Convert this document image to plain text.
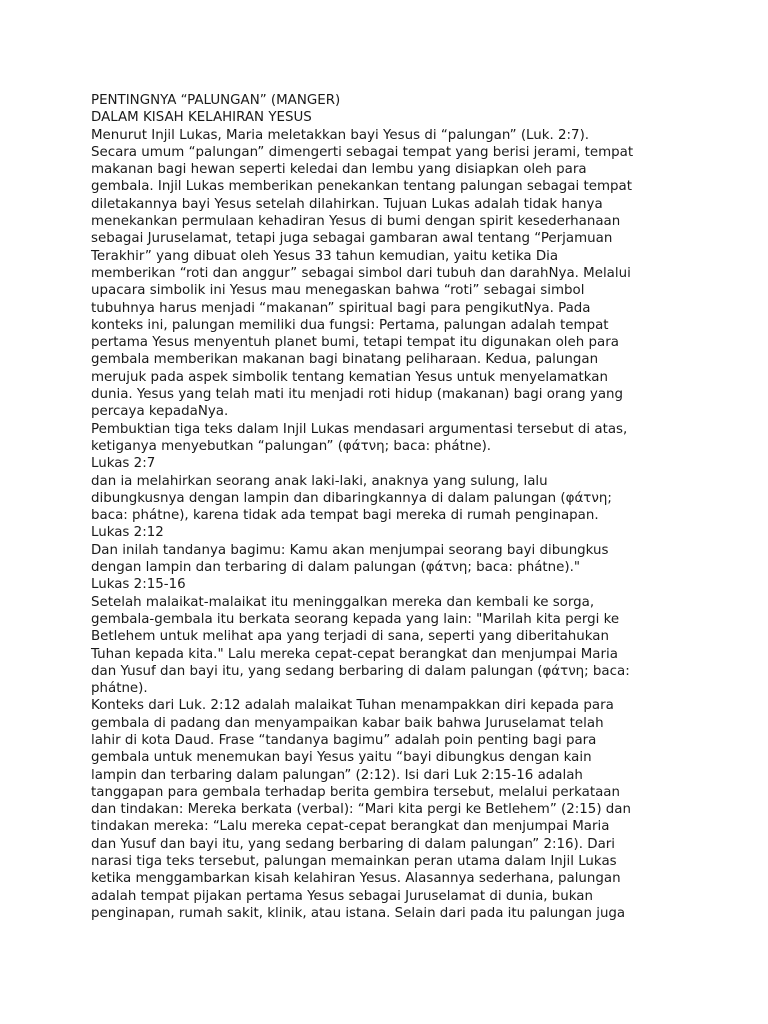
PENTINGNYA “PALUNGAN” (MANGER)
DALAM KISAH KELAHIRAN YESUS
Menurut Injil Lukas, Maria meletakkan bayi Yesus di “palungan” (Luk. 2:7).
Secara umum “palungan” dimengerti sebagai tempat yang berisi jerami, tempat
makanan bagi hewan seperti keledai dan lembu yang disiapkan oleh para
gembala. Injil Lukas memberikan penekankan tentang palungan sebagai tempat
diletakannya bayi Yesus setelah dilahirkan. Tujuan Lukas adalah tidak hanya
menekankan permulaan kehadiran Yesus di bumi dengan spirit kesederhanaan
sebagai Juruselamat, tetapi juga sebagai gambaran awal tentang “Perjamuan
Terakhir” yang dibuat oleh Yesus 33 tahun kemudian, yaitu ketika Dia
memberikan “roti dan anggur” sebagai simbol dari tubuh dan darahNya. Melalui
upacara simbolik ini Yesus mau menegaskan bahwa “roti” sebagai simbol
tubuhnya harus menjadi “makanan” spiritual bagi para pengikutNya. Pada
konteks ini, palungan memiliki dua fungsi: Pertama, palungan adalah tempat
pertama Yesus menyentuh planet bumi, tetapi tempat itu digunakan oleh para
gembala memberikan makanan bagi binatang peliharaan. Kedua, palungan
merujuk pada aspek simbolik tentang kematian Yesus untuk menyelamatkan
dunia. Yesus yang telah mati itu menjadi roti hidup (makanan) bagi orang yang
percaya kepadaNya.
Pembuktian tiga teks dalam Injil Lukas mendasari argumentasi tersebut di atas,
ketiganya menyebutkan “palungan” (φάτνη; baca: phátne).
Lukas 2:7
dan ia melahirkan seorang anak laki-laki, anaknya yang sulung, lalu
dibungkusnya dengan lampin dan dibaringkannya di dalam palungan (φάτνη;
baca: phátne), karena tidak ada tempat bagi mereka di rumah penginapan.
Lukas 2:12
Dan inilah tandanya bagimu: Kamu akan menjumpai seorang bayi dibungkus
dengan lampin dan terbaring di dalam palungan (φάτνη; baca: phátne)."
Lukas 2:15-16
Setelah malaikat-malaikat itu meninggalkan mereka dan kembali ke sorga,
gembala-gembala itu berkata seorang kepada yang lain: "Marilah kita pergi ke
Betlehem untuk melihat apa yang terjadi di sana, seperti yang diberitahukan
Tuhan kepada kita." Lalu mereka cepat-cepat berangkat dan menjumpai Maria
dan Yusuf dan bayi itu, yang sedang berbaring di dalam palungan (φάτνη; baca:
phátne).
Konteks dari Luk. 2:12 adalah malaikat Tuhan menampakkan diri kepada para
gembala di padang dan menyampaikan kabar baik bahwa Juruselamat telah
lahir di kota Daud. Frase “tandanya bagimu” adalah poin penting bagi para
gembala untuk menemukan bayi Yesus yaitu “bayi dibungkus dengan kain
lampin dan terbaring dalam palungan” (2:12). Isi dari Luk 2:15-16 adalah
tanggapan para gembala terhadap berita gembira tersebut, melalui perkataan
dan tindakan: Mereka berkata (verbal): “Mari kita pergi ke Betlehem” (2:15) dan
tindakan mereka: “Lalu mereka cepat-cepat berangkat dan menjumpai Maria
dan Yusuf dan bayi itu, yang sedang berbaring di dalam palungan” 2:16). Dari
narasi tiga teks tersebut, palungan memainkan peran utama dalam Injil Lukas
ketika menggambarkan kisah kelahiran Yesus. Alasannya sederhana, palungan
adalah tempat pijakan pertama Yesus sebagai Juruselamat di dunia, bukan
penginapan, rumah sakit, klinik, atau istana. Selain dari pada itu palungan juga
